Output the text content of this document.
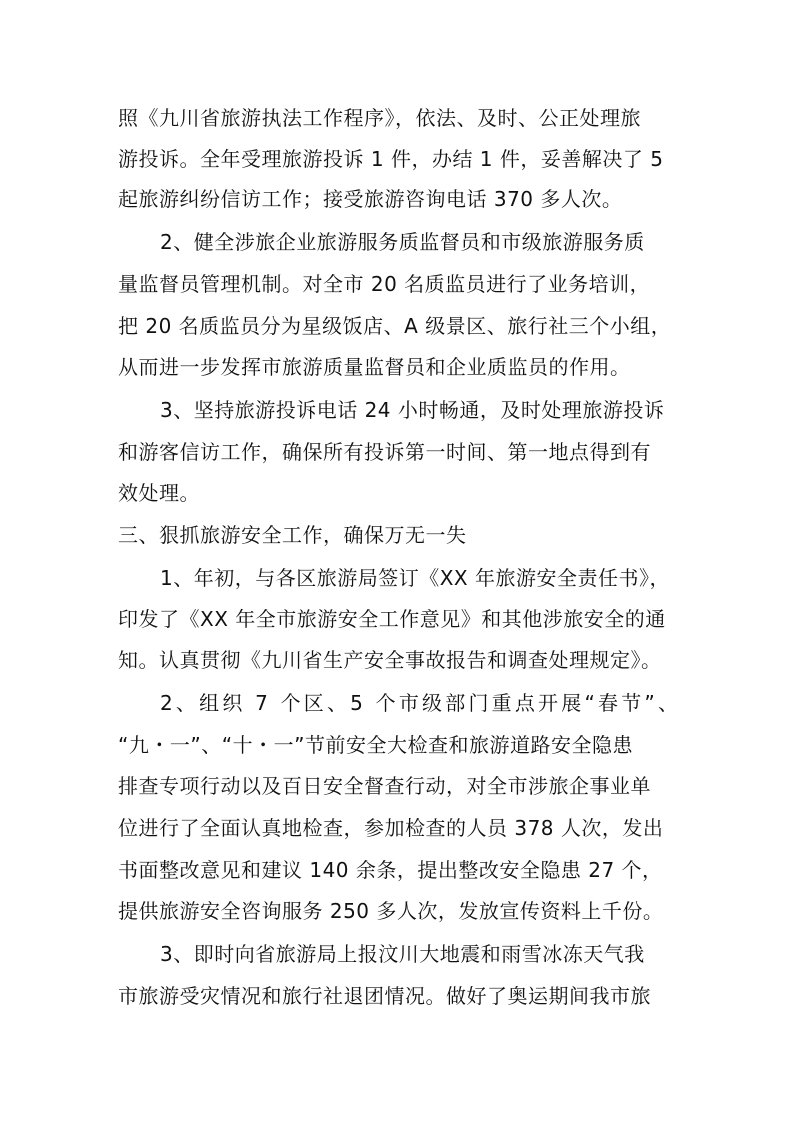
照《九川省旅游执法工作程序》，依法、及时、公正处理旅
游投诉。全年受理旅游投诉 1 件，办结 1 件，妥善解决了 5
起旅游纠纷信访工作；接受旅游咨询电话 370 多人次。
2、健全涉旅企业旅游服务质监督员和市级旅游服务质
量监督员管理机制。对全市 20 名质监员进行了业务培训，
把 20 名质监员分为星级饭店、A 级景区、旅行社三个小组，
从而进一步发挥市旅游质量监督员和企业质监员的作用。
3、坚持旅游投诉电话 24 小时畅通，及时处理旅游投诉
和游客信访工作，确保所有投诉第一时间、第一地点得到有
效处理。
三、狠抓旅游安全工作，确保万无一失
1、年初，与各区旅游局签订《XX 年旅游安全责任书》，
印发了《XX 年全市旅游安全工作意见》和其他涉旅安全的通
知。认真贯彻《九川省生产安全事故报告和调查处理规定》。
2、组织 7 个区、5 个市级部门重点开展“春节”、
“九・一”、“十・一”节前安全大检查和旅游道路安全隐患
排查专项行动以及百日安全督查行动，对全市涉旅企事业单
位进行了全面认真地检查，参加检查的人员 378 人次，发出
书面整改意见和建议 140 余条，提出整改安全隐患 27 个，
提供旅游安全咨询服务 250 多人次，发放宣传资料上千份。
3、即时向省旅游局上报汶川大地震和雨雪冰冻天气我
市旅游受灾情况和旅行社退团情况。做好了奥运期间我市旅
